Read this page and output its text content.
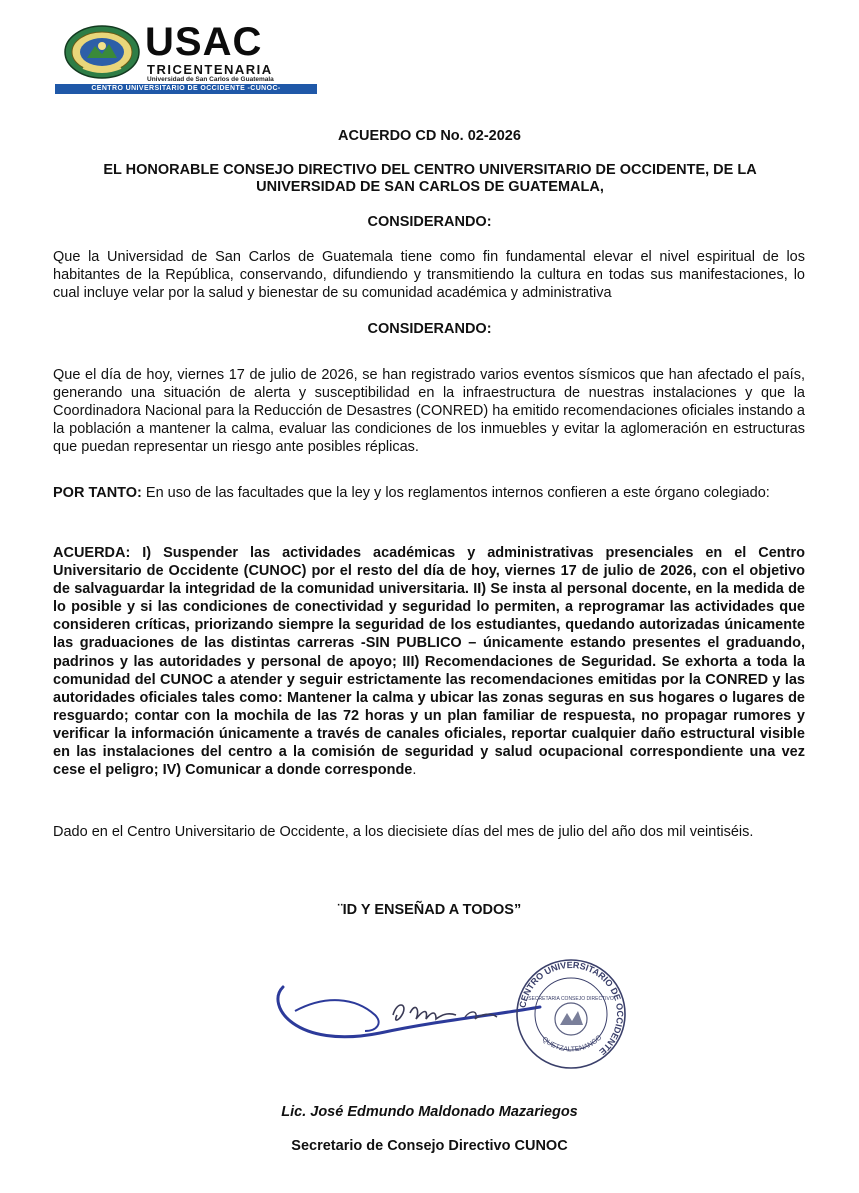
USAC
TRICENTENARIA
Universidad de San Carlos de Guatemala
CENTRO UNIVERSITARIO DE OCCIDENTE -CUNOC-
ACUERDO CD No. 02-2026
EL HONORABLE CONSEJO DIRECTIVO DEL CENTRO UNIVERSITARIO DE OCCIDENTE, DE LA UNIVERSIDAD DE SAN CARLOS DE GUATEMALA,
CONSIDERANDO:

Que la Universidad de San Carlos de Guatemala tiene como fin fundamental elevar el nivel espiritual de los habitantes de la República, conservando, difundiendo y transmitiendo la cultura en todas sus manifestaciones, lo cual incluye velar por la salud y bienestar de su comunidad académica y administrativa

CONSIDERANDO:

Que el día de hoy, viernes 17 de julio de 2026, se han registrado varios eventos sísmicos que han afectado el país, generando una situación de alerta y susceptibilidad en la infraestructura de nuestras instalaciones y que la Coordinadora Nacional para la Reducción de Desastres (CONRED) ha emitido recomendaciones oficiales instando a la población a mantener la calma, evaluar las condiciones de los inmuebles y evitar la aglomeración en estructuras que puedan representar un riesgo ante posibles réplicas.

POR TANTO: En uso de las facultades que la ley y los reglamentos internos confieren a este órgano colegiado:

ACUERDA: I) Suspender las actividades académicas y administrativas presenciales en el Centro Universitario de Occidente (CUNOC) por el resto del día de hoy, viernes 17 de julio de 2026, con el objetivo de salvaguardar la integridad de la comunidad universitaria. II) Se insta al personal docente, en la medida de lo posible y si las condiciones de conectividad y seguridad lo permiten, a reprogramar las actividades que consideren críticas, priorizando siempre la seguridad de los estudiantes, quedando autorizadas únicamente las graduaciones de las distintas carreras -SIN PUBLICO – únicamente estando presentes el graduando, padrinos y las autoridades y personal de apoyo; III) Recomendaciones de Seguridad. Se exhorta a toda la comunidad del CUNOC a atender y seguir estrictamente las recomendaciones emitidas por la CONRED y las autoridades oficiales tales como: Mantener la calma y ubicar las zonas seguras en sus hogares o lugares de resguardo; contar con la mochila de las 72 horas y un plan familiar de respuesta, no propagar rumores y verificar la información únicamente a través de canales oficiales, reportar cualquier daño estructural visible en las instalaciones del centro a la comisión de seguridad y salud ocupacional correspondiente una vez cese el peligro; IV) Comunicar a donde corresponde.

Dado en el Centro Universitario de Occidente, a los diecisiete días del mes de julio del año dos mil veintiséis.

¨ID Y ENSEÑAD A TODOS”
CENTRO UNIVERSITARIO DE OCCIDENTE
QUETZALTENANGO
SECRETARIA CONSEJO DIRECTIVO
Lic. José Edmundo Maldonado Mazariegos
Secretario de Consejo Directivo CUNOC
